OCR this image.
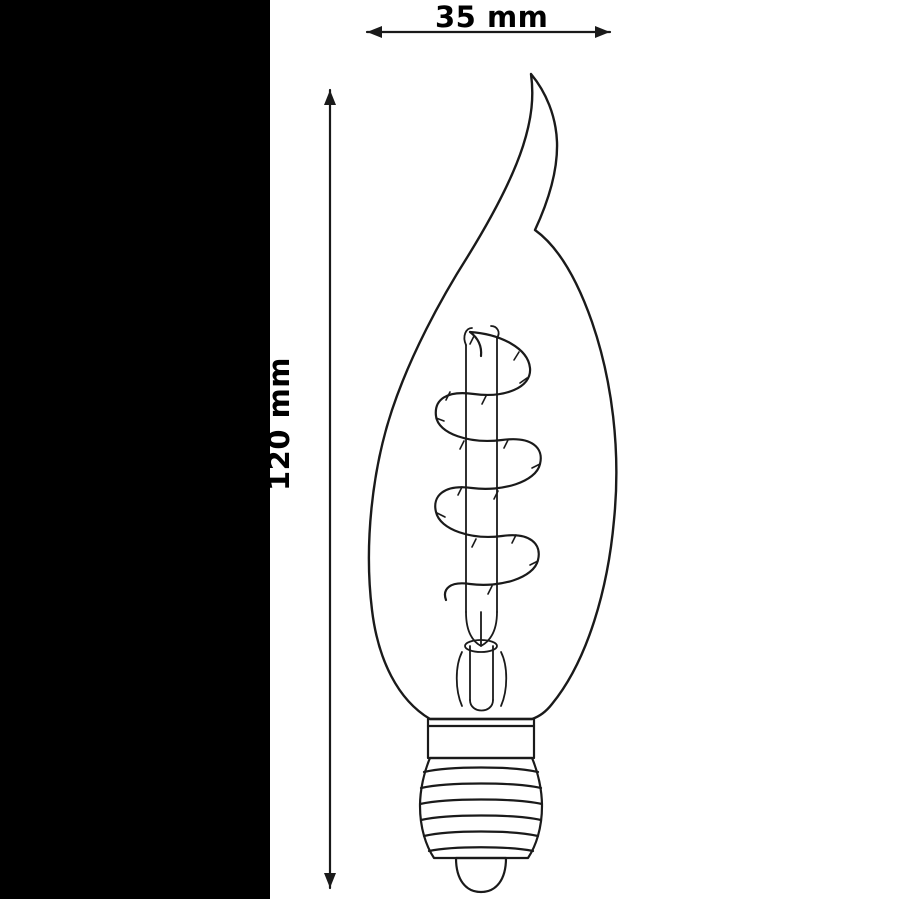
35 mm
120 mm
